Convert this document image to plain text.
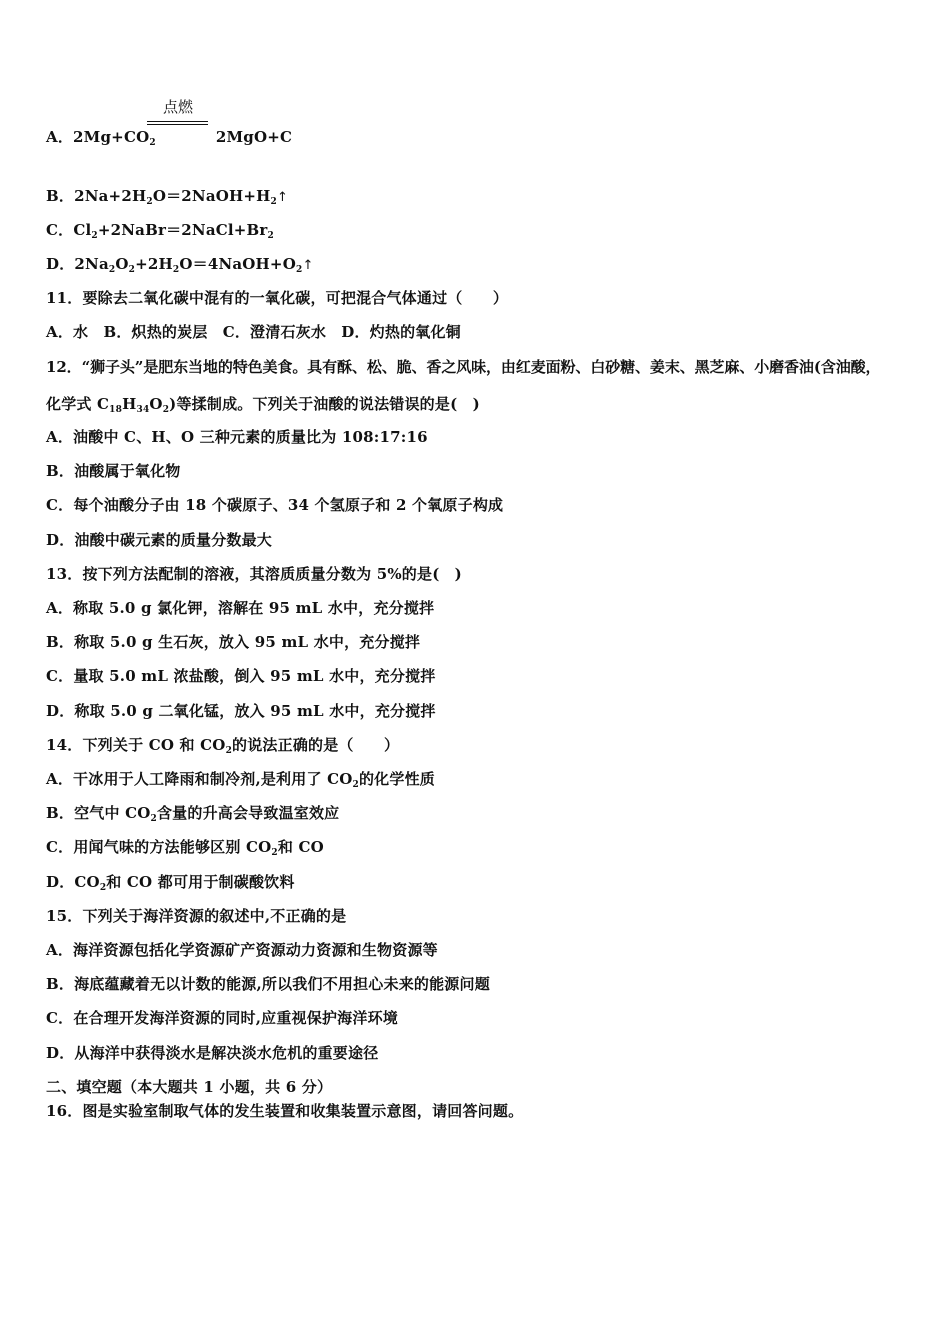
点燃
A．$2Mg+CO_2$	2MgO+C
B．$2Na+2H_2O=2NaOH+H_2↑$
C．$Cl_2+2NaBr=2NaCl+Br_2$
D．$2Na_2O_2+2H_2O=4NaOH+O_2↑$
11．要除去二氧化碳中混有的一氧化碳，可把混合气体通过（　　）
A．水　B．炽热的炭层　C．澄清石灰水　D．灼热的氧化铜
12．“狮子头”是肥东当地的特色美食。具有酥、松、脆、香之风味，由红麦面粉、白砂糖、姜末、黑芝麻、小磨香油(含油酸，
化学式 $C_{18}H_{34}O_2$)等揉制成。下列关于油酸的说法错误的是(　)
A．油酸中 C、H、O 三种元素的质量比为 108:17:16
B．油酸属于氧化物
C．每个油酸分子由 18 个碳原子、34 个氢原子和 2 个氧原子构成
D．油酸中碳元素的质量分数最大
13．按下列方法配制的溶液，其溶质质量分数为 5%的是(　)
A．称取 5.0 g 氯化钾，溶解在 95 mL 水中，充分搅拌
B．称取 5.0 g 生石灰，放入 95 mL 水中，充分搅拌
C．量取 5.0 mL 浓盐酸，倒入 95 mL 水中，充分搅拌
D．称取 5.0 g 二氧化锰，放入 95 mL 水中，充分搅拌
14．下列关于 CO 和 $CO_2$的说法正确的是（　　）
A．干冰用于人工降雨和制冷剂,是利用了 $CO_2$的化学性质
B．空气中 $CO_2$含量的升高会导致温室效应
C．用闻气味的方法能够区别 $CO_2$和 CO
D．$CO_2$和 CO 都可用于制碳酸饮料
15．下列关于海洋资源的叙述中,不正确的是
A．海洋资源包括化学资源矿产资源动力资源和生物资源等
B．海底蕴藏着无以计数的能源,所以我们不用担心未来的能源问题
C．在合理开发海洋资源的同时,应重视保护海洋环境
D．从海洋中获得淡水是解决淡水危机的重要途径
二、填空题（本大题共 1 小题，共 6 分）
16．图是实验室制取气体的发生装置和收集装置示意图，请回答问题。
